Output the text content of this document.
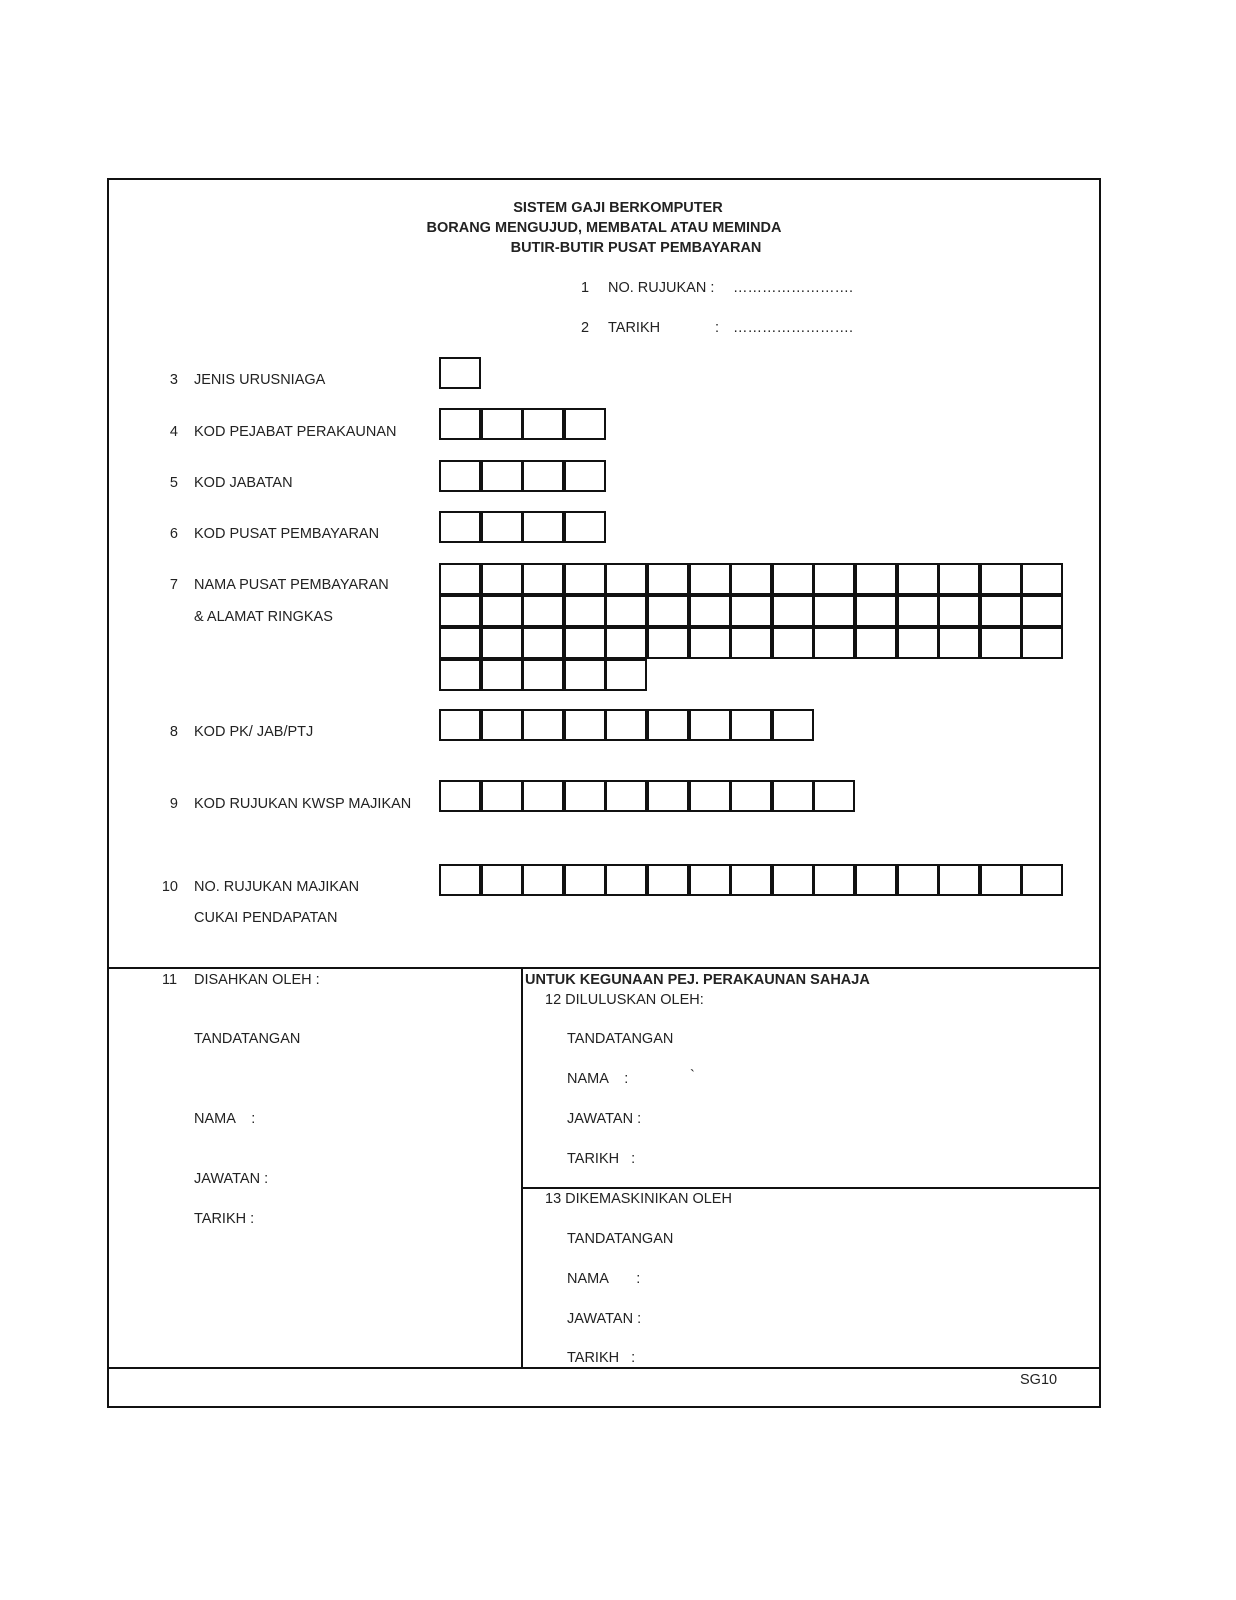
SISTEM GAJI BERKOMPUTER
BORANG MENGUJUD, MEMBATAL ATAU MEMINDA
BUTIR-BUTIR PUSAT PEMBAYARAN
1 NO. RUJUKAN : …………………….
2 TARIKH	: …………………….
3 JENIS URUSNIAGA
4 KOD PEJABAT PERAKAUNAN
5 KOD JABATAN
6 KOD PUSAT PEMBAYARAN
7 NAMA PUSAT PEMBAYARAN
& ALAMAT RINGKAS
8 KOD PK/ JAB/PTJ
9 KOD RUJUKAN KWSP MAJIKAN
10 NO. RUJUKAN MAJIKAN
CUKAI PENDAPATAN
11 DISAHKAN OLEH :
TANDATANGAN
NAMA    :
JAWATAN :
TARIKH :
UNTUK KEGUNAAN PEJ. PERAKAUNAN SAHAJA
12 DILULUSKAN OLEH:
TANDATANGAN
NAMA    :	`
JAWATAN :
TARIKH   :
13 DIKEMASKINIKAN OLEH
TANDATANGAN
NAMA       :
JAWATAN :
TARIKH   :
SG10
